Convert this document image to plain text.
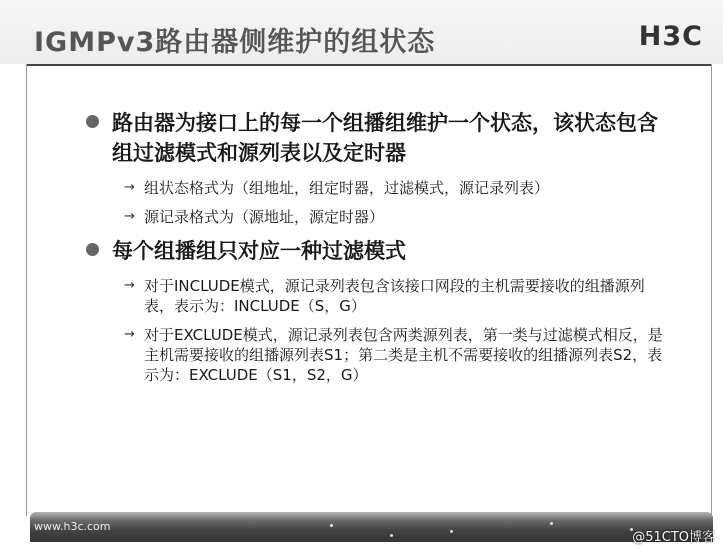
IGMPv3路由器侧维护的组状态	H3C
路由器为接口上的每一个组播组维护一个状态，该状态包含组过滤模式和源列表以及定时器
→ 组状态格式为（组地址，组定时器，过滤模式，源记录列表）
→ 源记录格式为（源地址，源定时器）
每个组播组只对应一种过滤模式
→ 对于INCLUDE模式，源记录列表包含该接口网段的主机需要接收的组播源列表，表示为：INCLUDE（S，G）
→ 对于EXCLUDE模式，源记录列表包含两类源列表，第一类与过滤模式相反，是主机需要接收的组播源列表S1；第二类是主机不需要接收的组播源列表S2，表示为：EXCLUDE（S1，S2，G）
www.h3c.com
@51CTO博客
